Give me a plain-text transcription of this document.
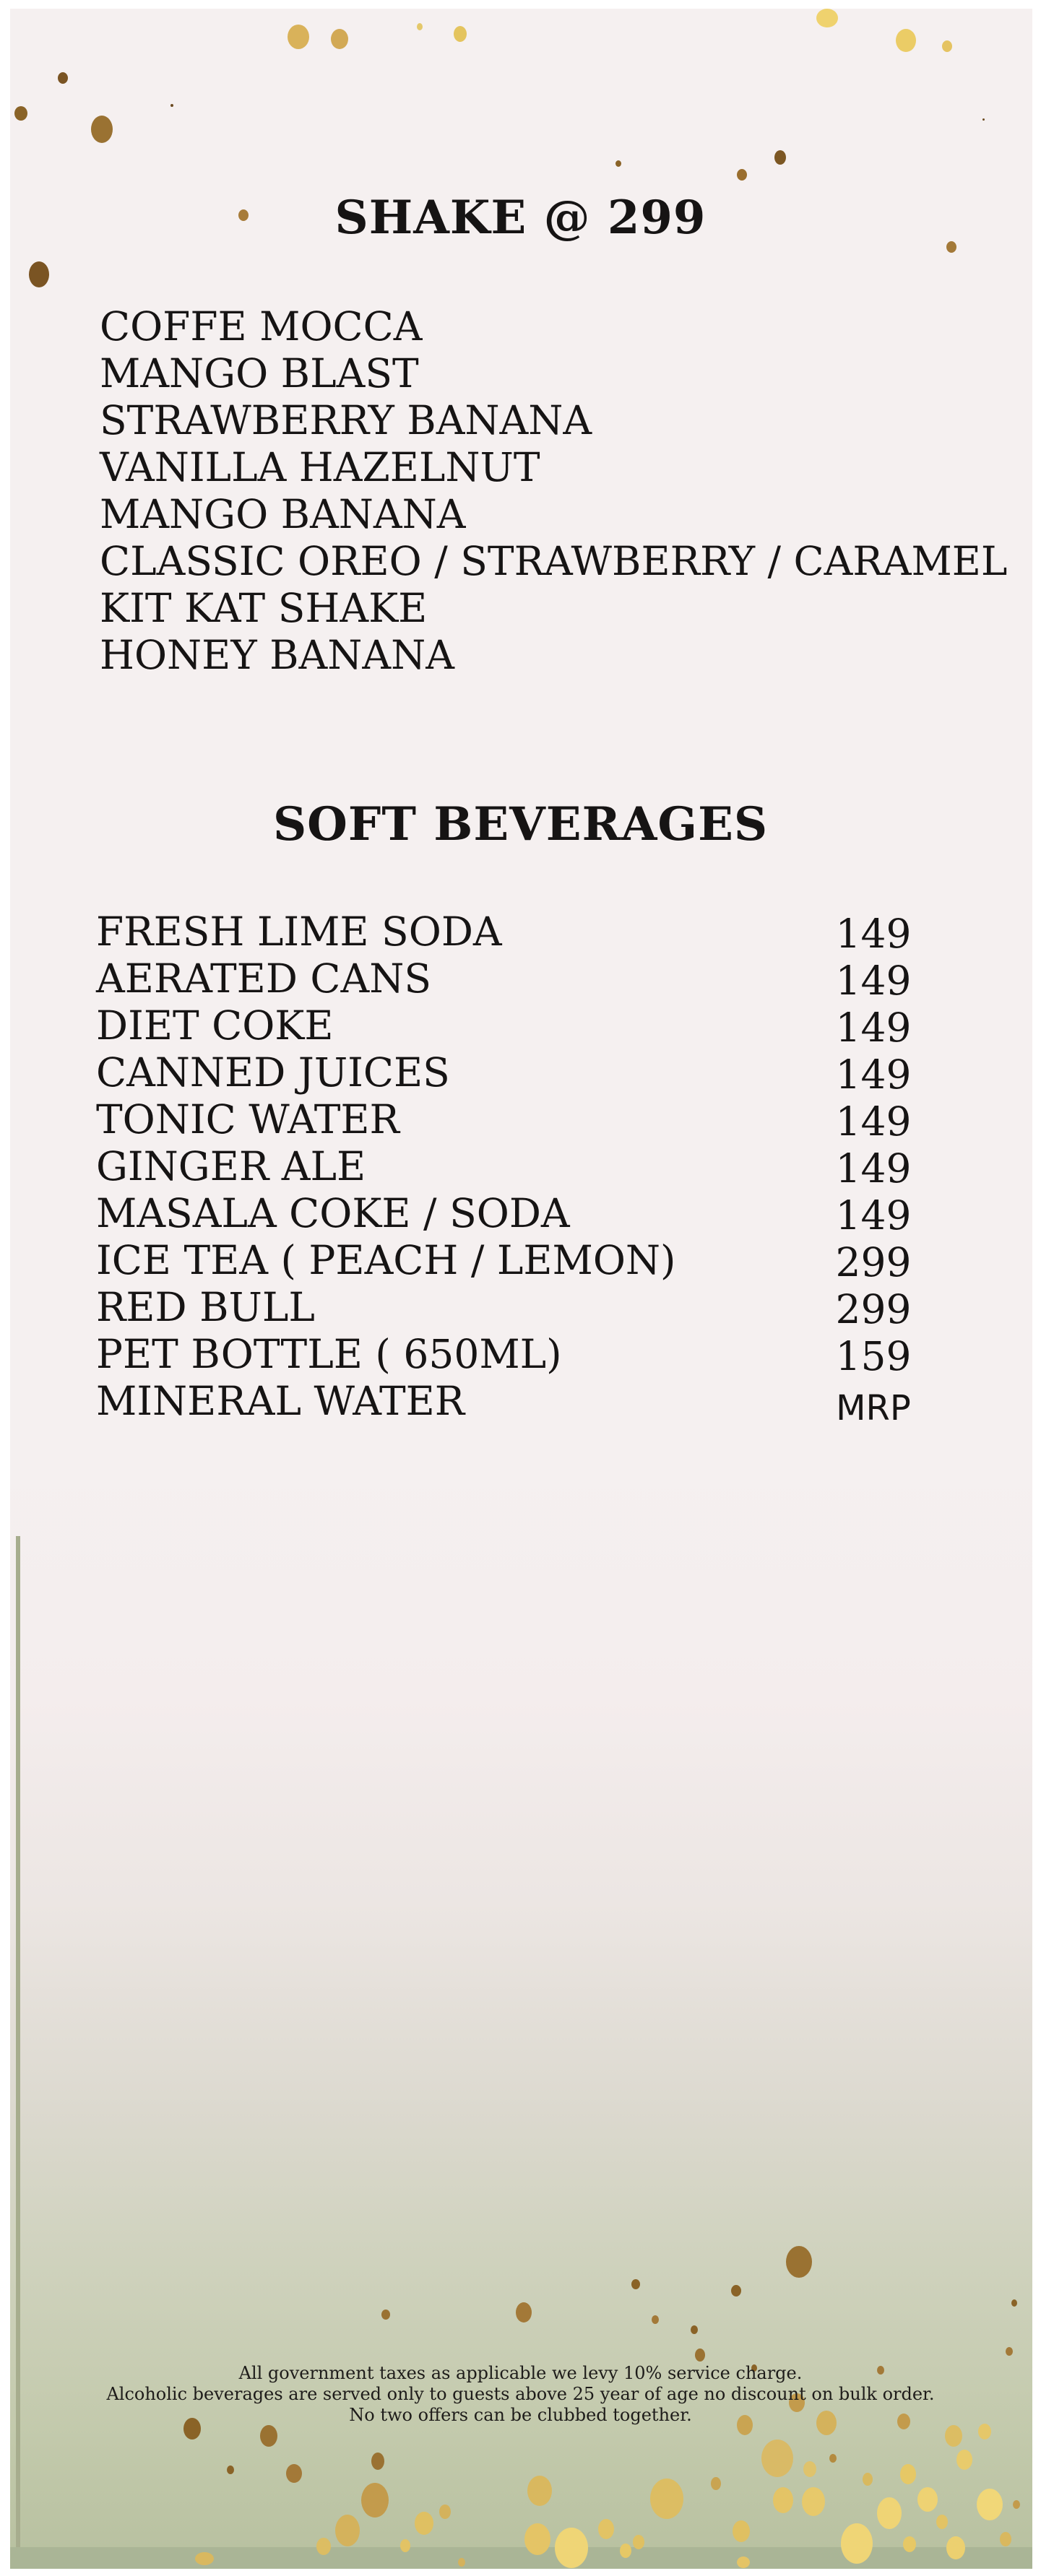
SHAKE @ 299
COFFE MOCCA
MANGO BLAST
STRAWBERRY BANANA
VANILLA HAZELNUT
MANGO BANANA
CLASSIC OREO / STRAWBERRY / CARAMEL
KIT KAT SHAKE
HONEY BANANA
SOFT BEVERAGES
FRESH LIME SODA	149
AERATED CANS	149
DIET COKE	149
CANNED JUICES	149
TONIC WATER	149
GINGER ALE	149
MASALA COKE / SODA	149
ICE TEA ( PEACH / LEMON)	299
RED BULL	299
PET BOTTLE ( 650ML)	159
MINERAL WATER	MRP

All government taxes as applicable we levy 10% service charge.

Alcoholic beverages are served only to guests above 25 year of age no discount on bulk order.

No two offers can be clubbed together.
